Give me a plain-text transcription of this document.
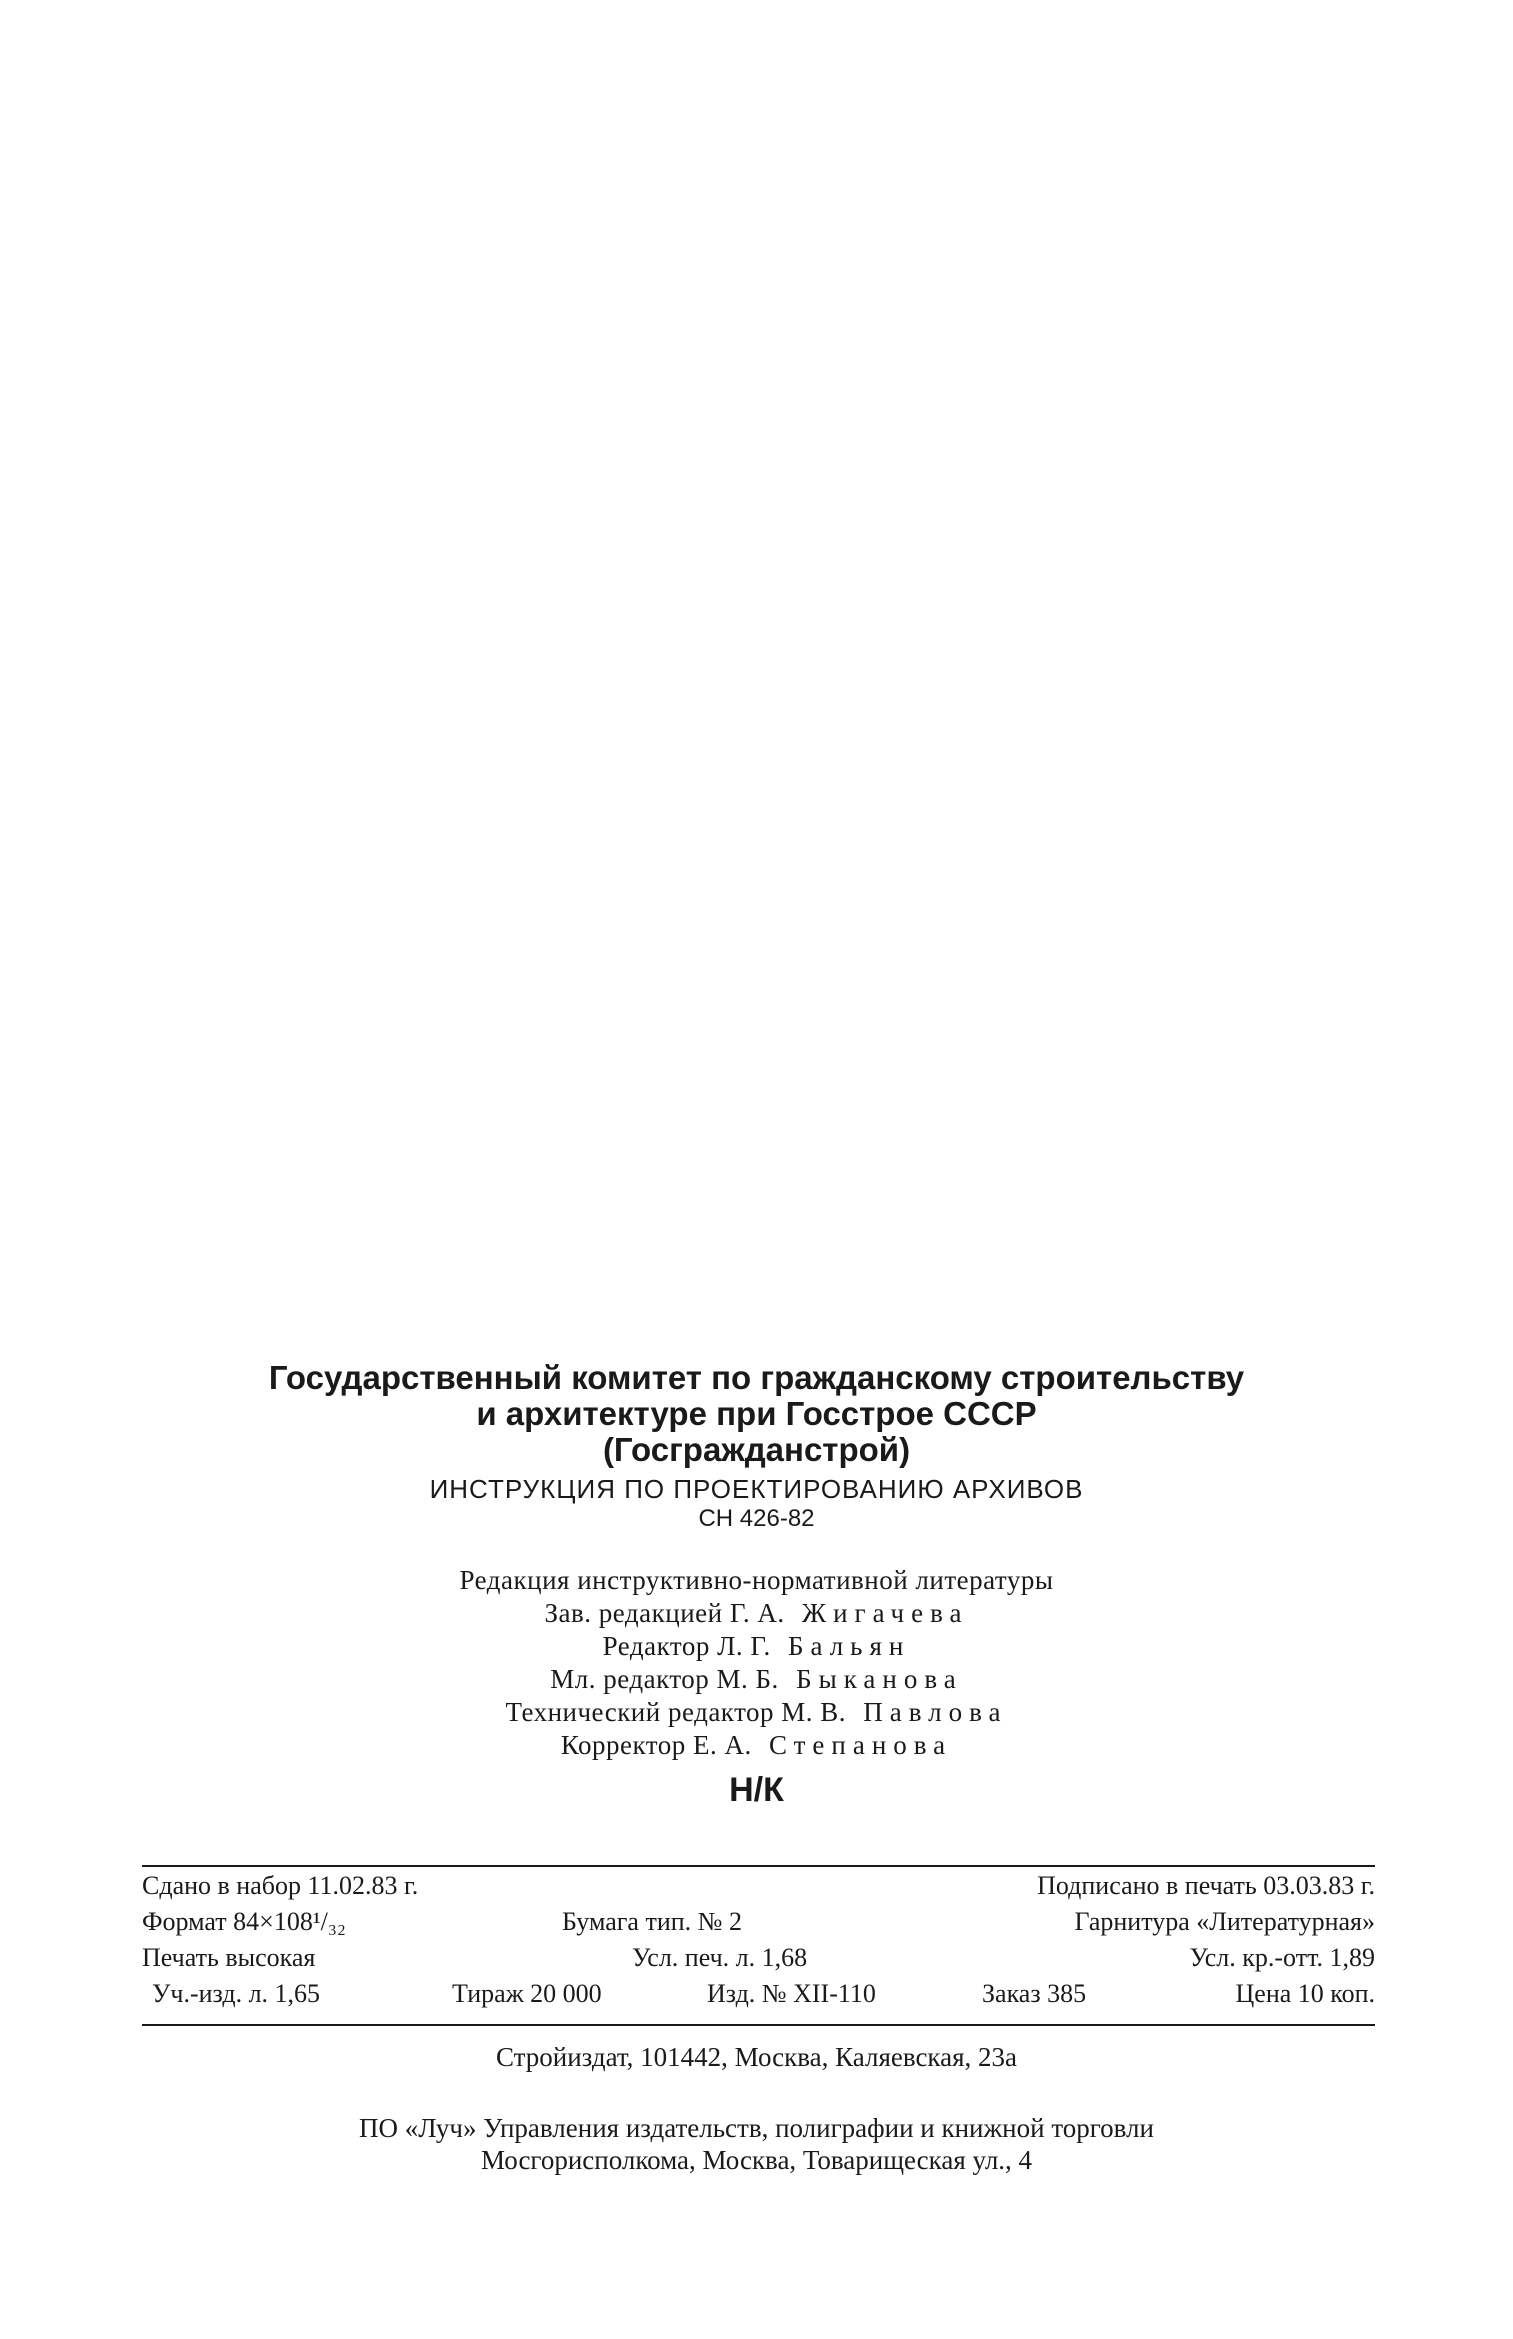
Государственный комитет по гражданскому строительству
и архитектуре при Госстрое СССР
(Госгражданстрой)
ИНСТРУКЦИЯ ПО ПРОЕКТИРОВАНИЮ АРХИВОВ
СН 426-82
Редакция инструктивно-нормативной литературы
Зав. редакцией Г. А. Жигачева
Редактор Л. Г. Бальян
Мл. редактор М. Б. Быканова
Технический редактор М. В. Павлова
Корректор Е. А. Степанова
Н/К
Сдано в набор 11.02.83 г.	Подписано в печать 03.03.83 г.
Формат 84×108¹/₃₂	Бумага тип. № 2	Гарнитура «Литературная»
Печать высокая	Усл. печ. л. 1,68	Усл. кр.-отт. 1,89
Уч.-изд. л. 1,65	Тираж 20 000	Изд. № XII-110	Заказ 385	Цена 10 коп.
Стройиздат, 101442, Москва, Каляевская, 23а
ПО «Луч» Управления издательств, полиграфии и книжной торговли
Мосгорисполкома, Москва, Товарищеская ул., 4
